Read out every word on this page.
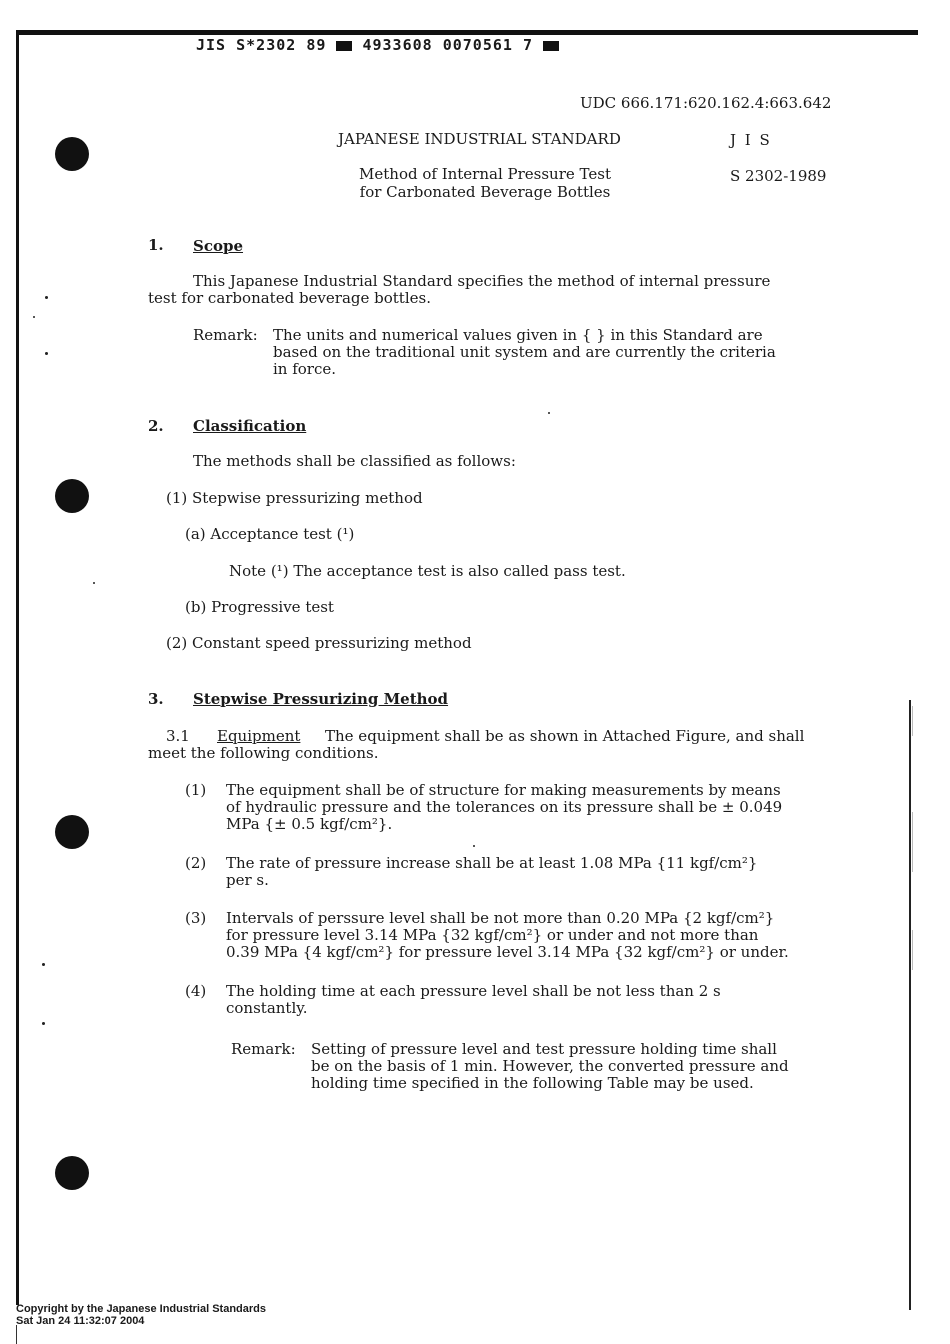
JIS S*2302 89 4933608 0070561 7
UDC 666.171:620.162.4:663.642
JAPANESE INDUSTRIAL STANDARD	J I S
Method of Internal Pressure Test
for Carbonated Beverage Bottles
S 2302-1989
1. Scope
This Japanese Industrial Standard specifies the method of internal pressure
test for carbonated beverage bottles.
Remark: The units and numerical values given in { } in this Standard are
based on the traditional unit system and are currently the criteria
in force.
2. Classification
The methods shall be classified as follows:
(1) Stepwise pressurizing method
(a) Acceptance test (¹)
Note (¹) The acceptance test is also called pass test.
(b) Progressive test
(2) Constant speed pressurizing method
3. Stepwise Pressurizing Method
3.1 Equipment The equipment shall be as shown in Attached Figure, and shall
meet the following conditions.
(1) The equipment shall be of structure for making measurements by means
of hydraulic pressure and the tolerances on its pressure shall be ± 0.049
MPa {± 0.5 kgf/cm²}.
(2) The rate of pressure increase shall be at least 1.08 MPa {11 kgf/cm²}
per s.
(3) Intervals of perssure level shall be not more than 0.20 MPa {2 kgf/cm²}
for pressure level 3.14 MPa {32 kgf/cm²} or under and not more than
0.39 MPa {4 kgf/cm²} for pressure level 3.14 MPa {32 kgf/cm²} or under.
(4) The holding time at each pressure level shall be not less than 2 s
constantly.
Remark: Setting of pressure level and test pressure holding time shall
be on the basis of 1 min. However, the converted pressure and
holding time specified in the following Table may be used.
Copyright by the Japanese Industrial Standards
Sat Jan 24 11:32:07 2004
